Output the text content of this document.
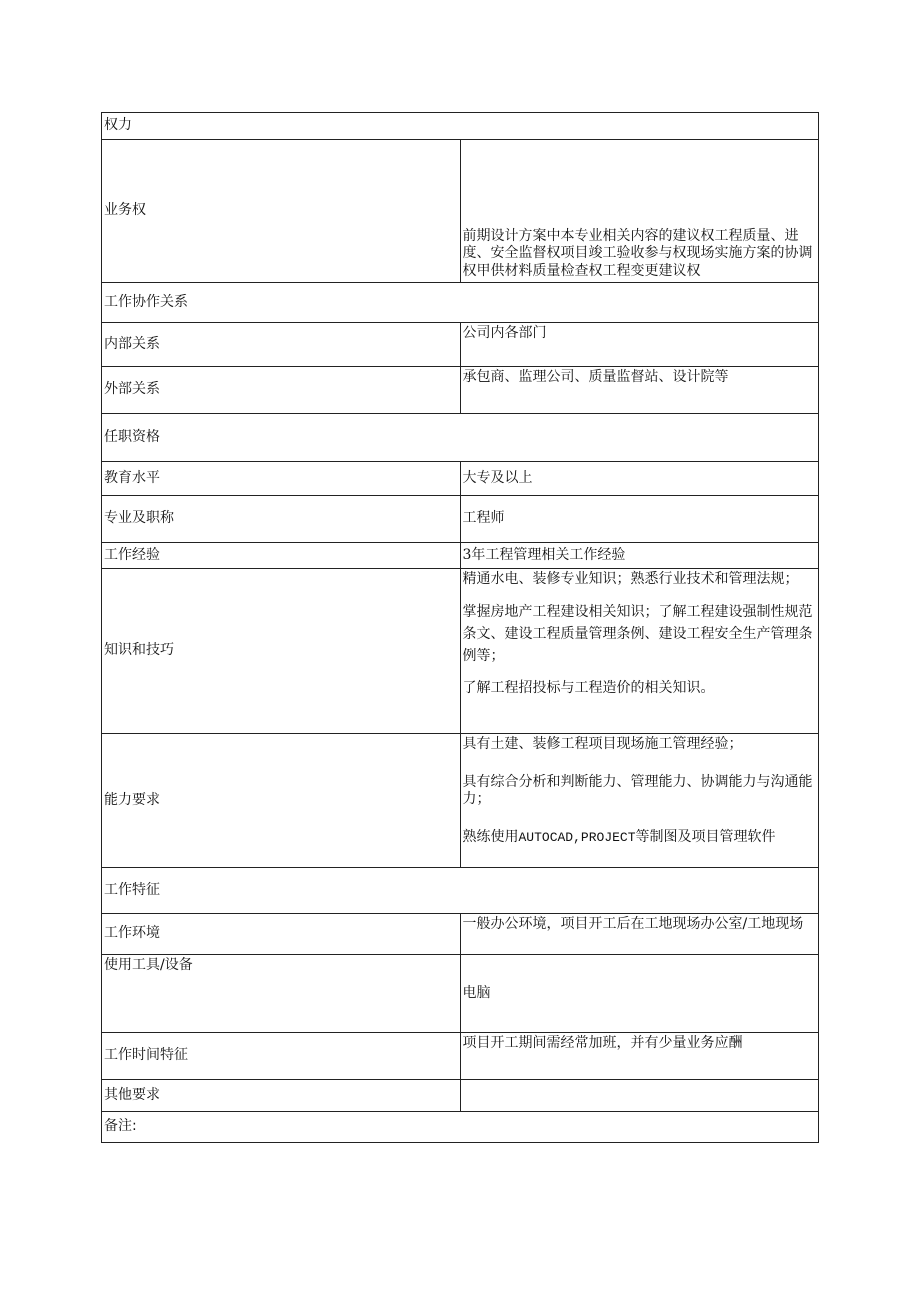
权力	
业务权	前期设计方案中本专业相关内容的建议权工程质量、进度、安全监督权项目竣工验收参与权现场实施方案的协调权甲供材料质量检查权工程变更建议权
工作协作关系	
内部关系	公司内各部门
外部关系	承包商、监理公司、质量监督站、设计院等
任职资格	
教育水平	大专及以上
专业及职称	工程师
工作经验	3年工程管理相关工作经验
知识和技巧	精通水电、装修专业知识；熟悉行业技术和管理法规；

掌握房地产工程建设相关知识；了解工程建设强制性规范条文、建设工程质量管理条例、建设工程安全生产管理条例等；

了解工程招投标与工程造价的相关知识。

能力要求	具有土建、装修工程项目现场施工管理经验；

具有综合分析和判断能力、管理能力、协调能力与沟通能力；

熟练使用AUTOCAD,PROJECT等制图及项目管理软件

工作特征	
工作环境	一般办公环境，项目开工后在工地现场办公室/工地现场
使用工具/设备	电脑
工作时间特征	项目开工期间需经常加班，并有少量业务应酬
其他要求	
备注:	
